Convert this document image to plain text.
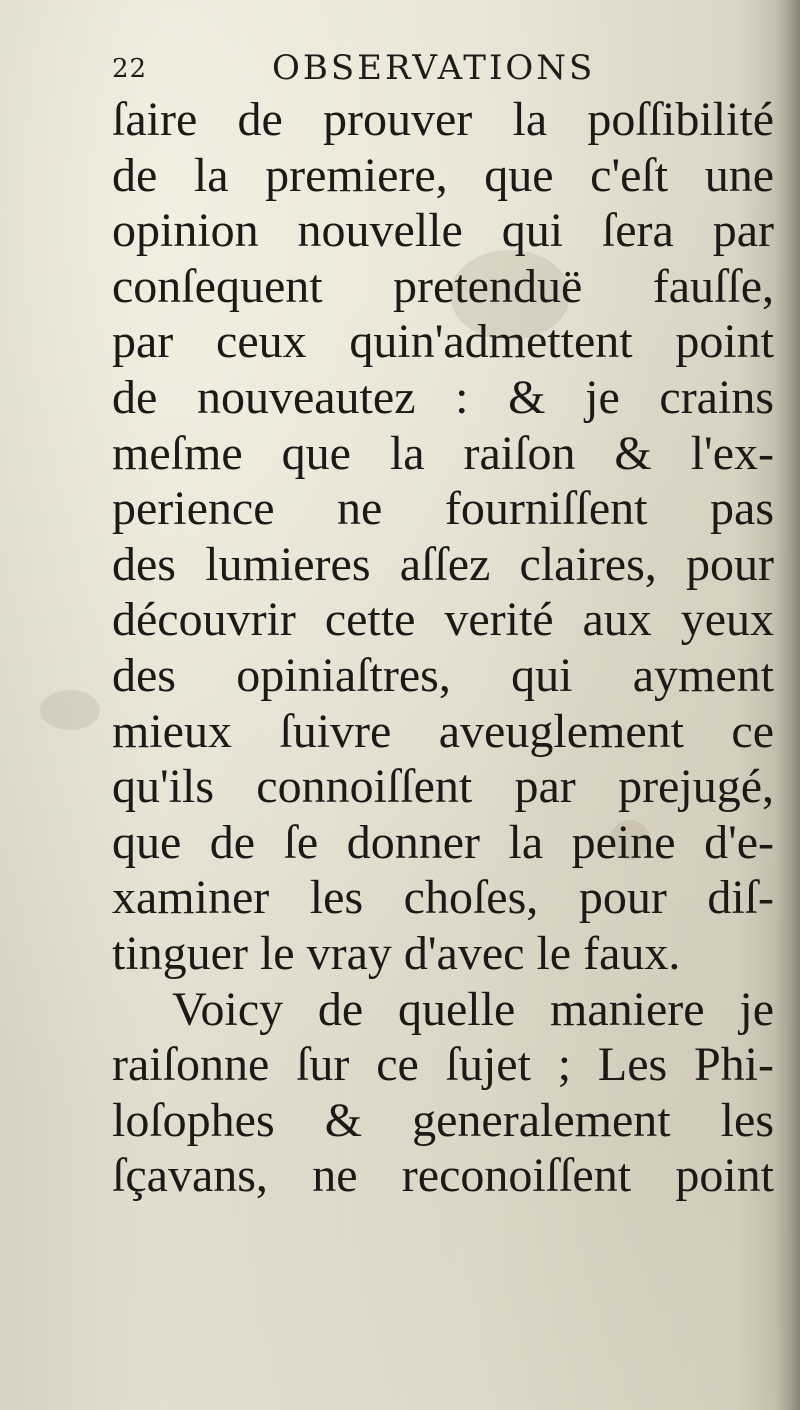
22	OBSERVATIONS
ſaire de prouver la poſſibilité
de la premiere, que c'eſt une
opinion nouvelle qui ſera par
conſequent pretenduë fauſſe,
par ceux quin'admettent point
de nouveautez : & je crains
meſme que la raiſon & l'ex-
perience ne fourniſſent pas
des lumieres aſſez claires, pour
découvrir cette verité aux yeux
des opiniaſtres, qui ayment
mieux ſuivre aveuglement ce
qu'ils connoiſſent par prejugé,
que de ſe donner la peine d'e-
xaminer les choſes, pour diſ-
tinguer le vray d'avec le faux.
Voicy de quelle maniere je
raiſonne ſur ce ſujet ; Les Phi-
loſophes & generalement les
ſçavans, ne reconoiſſent point
